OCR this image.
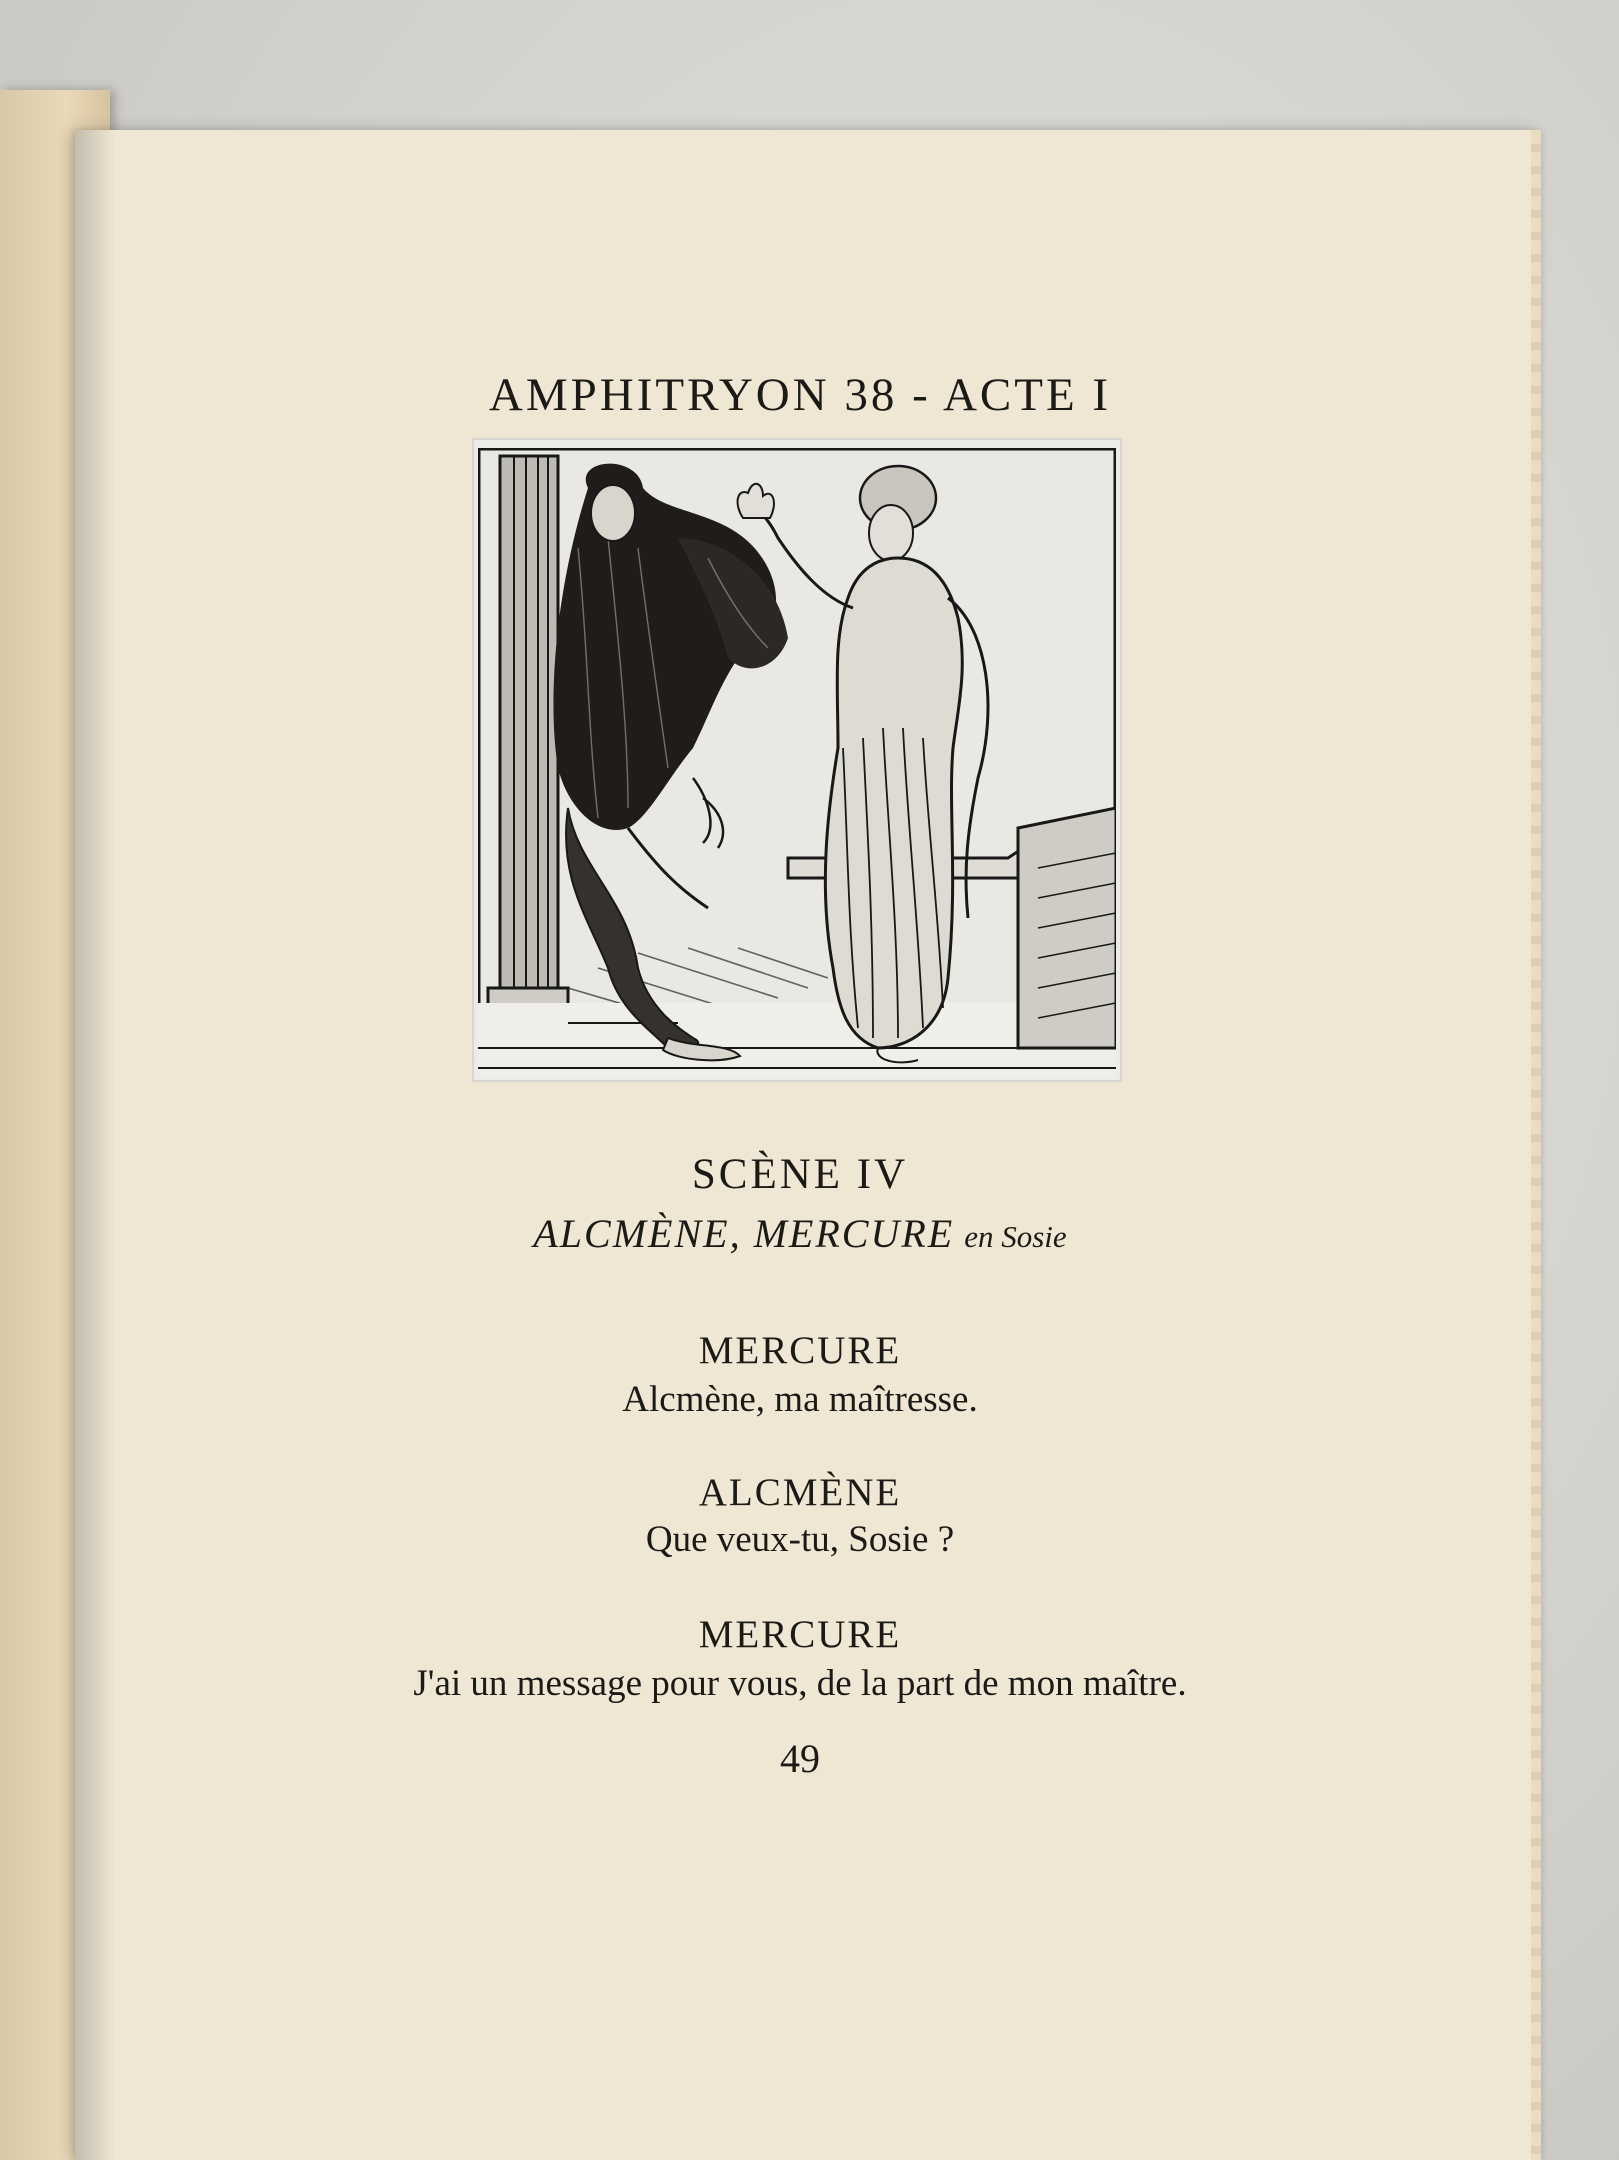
AMPHITRYON 38 - ACTE I
SCÈNE IV
ALCMÈNE, MERCURE en Sosie
MERCURE
Alcmène, ma maîtresse.
ALCMÈNE
Que veux-tu, Sosie ?
MERCURE
J'ai un message pour vous, de la part de mon maître.
49
